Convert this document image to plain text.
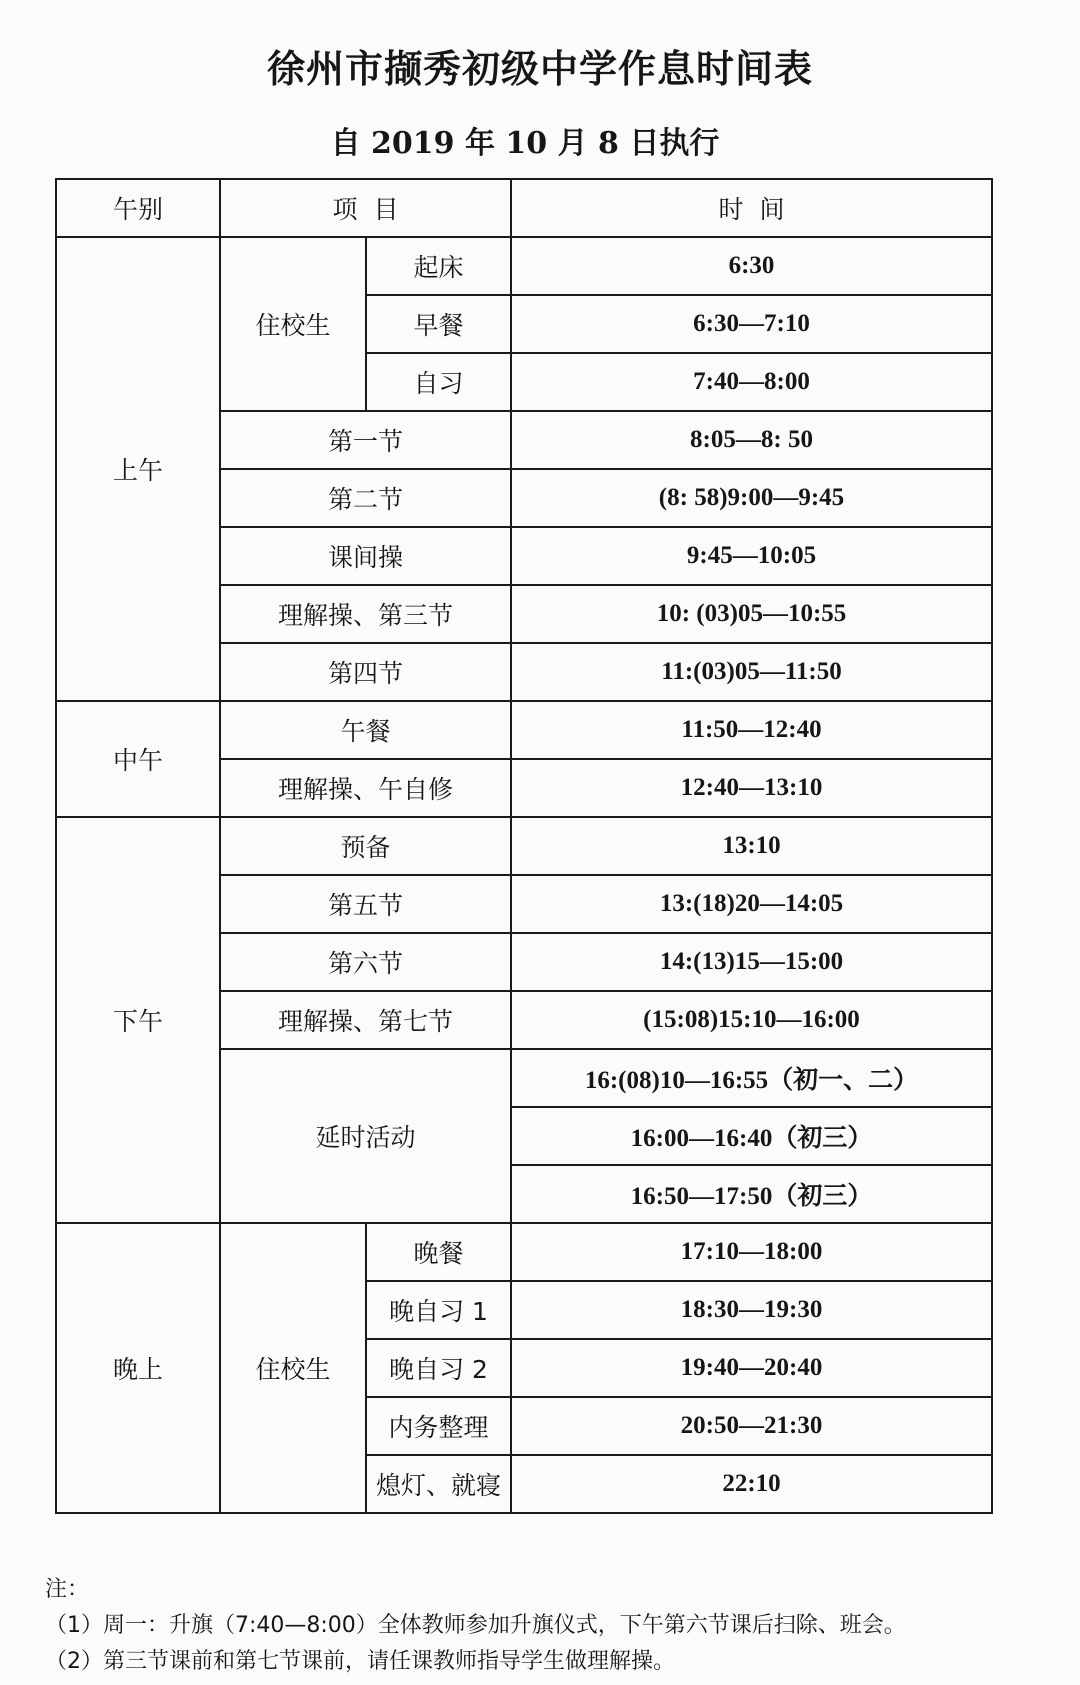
徐州市撷秀初级中学作息时间表
自 2019 年 10 月 8 日执行
午别	项  目		时  间
上午	住校生	起床	6:30
		早餐	6:30—7:10
		自习	7:40—8:00
	第一节		8:05—8: 50
	第二节		(8: 58)9:00—9:45
	课间操		9:45—10:05
	理解操、第三节		10: (03)05—10:55
	第四节		11:(03)05—11:50
中午	午餐		11:50—12:40
	理解操、午自修		12:40—13:10
下午	预备		13:10
	第五节		13:(18)20—14:05
	第六节		14:(13)15—15:00
	理解操、第七节		(15:08)15:10—16:00
	延时活动		16:(08)10—16:55（初一、二）
			16:00—16:40（初三）
			16:50—17:50（初三）
晚上	住校生	晚餐	17:10—18:00
		晚自习 1	18:30—19:30
		晚自习 2	19:40—20:40
		内务整理	20:50—21:30
		熄灯、就寝	22:10
注：
（1）周一：升旗（7:40—8:00）全体教师参加升旗仪式，下午第六节课后扫除、班会。
（2）第三节课前和第七节课前，请任课教师指导学生做理解操。
